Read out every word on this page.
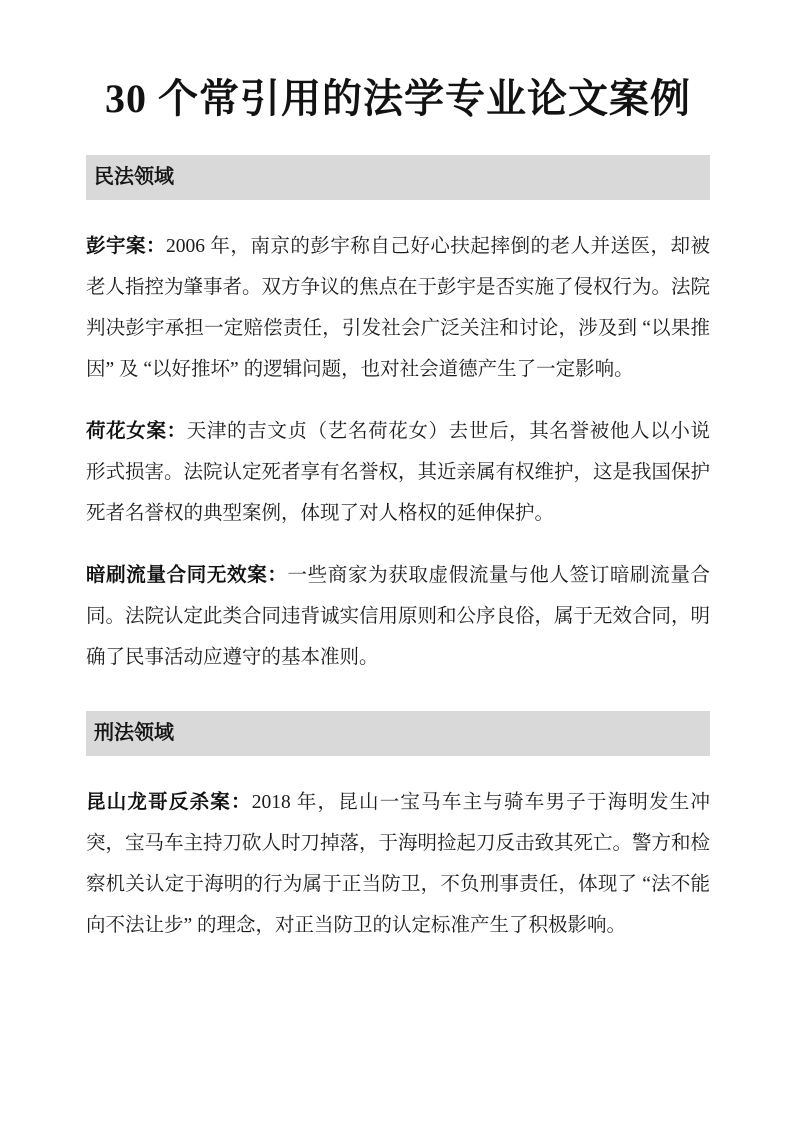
30 个常引用的法学专业论文案例
民法领域

彭宇案：2006 年，南京的彭宇称自己好心扶起摔倒的老人并送医，却被老人指控为肇事者。双方争议的焦点在于彭宇是否实施了侵权行为。法院判决彭宇承担一定赔偿责任，引发社会广泛关注和讨论，涉及到 “以果推因” 及 “以好推坏” 的逻辑问题，也对社会道德产生了一定影响。

荷花女案：天津的吉文贞（艺名荷花女）去世后，其名誉被他人以小说形式损害。法院认定死者享有名誉权，其近亲属有权维护，这是我国保护死者名誉权的典型案例，体现了对人格权的延伸保护。

暗刷流量合同无效案：一些商家为获取虚假流量与他人签订暗刷流量合同。法院认定此类合同违背诚实信用原则和公序良俗，属于无效合同，明确了民事活动应遵守的基本准则。

刑法领域

昆山龙哥反杀案：2018 年，昆山一宝马车主与骑车男子于海明发生冲突，宝马车主持刀砍人时刀掉落，于海明捡起刀反击致其死亡。警方和检察机关认定于海明的行为属于正当防卫，不负刑事责任，体现了 “法不能向不法让步” 的理念，对正当防卫的认定标准产生了积极影响。
